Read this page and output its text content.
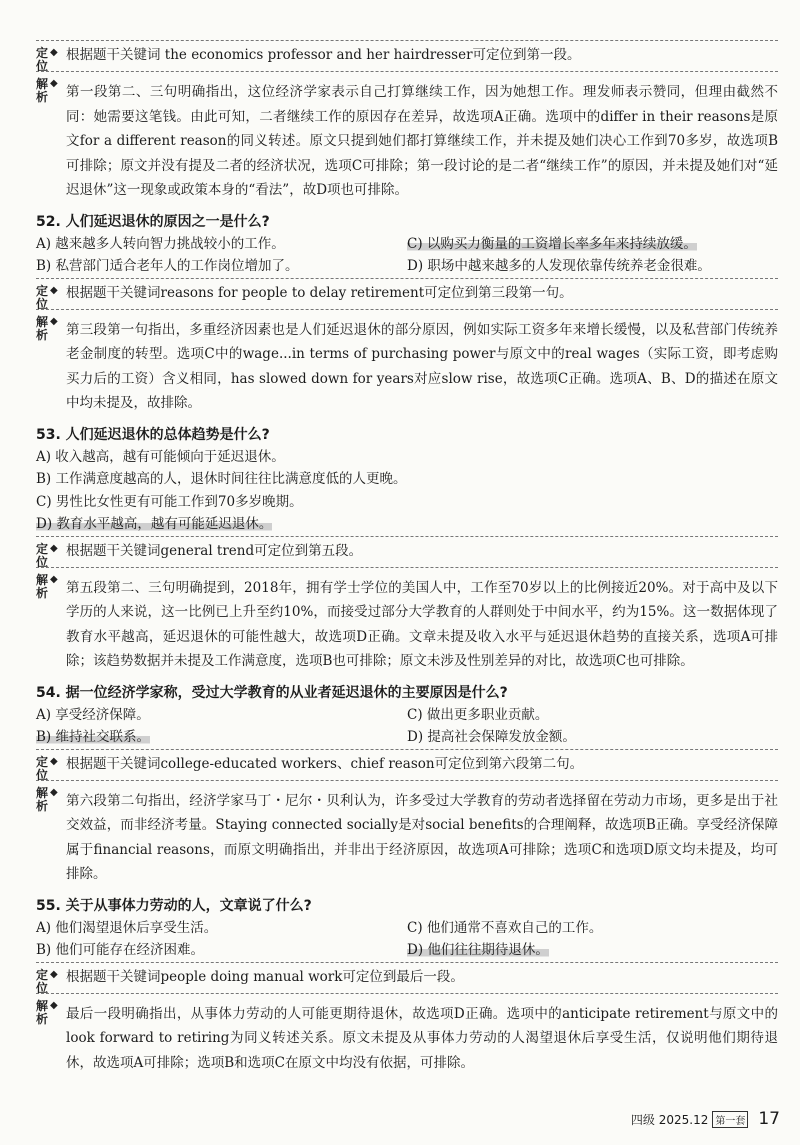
定位
◆ 根据题干关键词 the economics professor and her hairdresser可定位到第一段。
解析
◆
第一段第二、三句明确指出，这位经济学家表示自己打算继续工作，因为她想工作。理发师表示赞同，但理由截然不同：她需要这笔钱。由此可知，二者继续工作的原因存在差异，故选项A正确。选项中的differ in their reasons是原文for a different reason的同义转述。原文只提到她们都打算继续工作，并未提及她们决心工作到70多岁，故选项B可排除；原文并没有提及二者的经济状况，选项C可排除；第一段讨论的是二者“继续工作”的原因，并未提及她们对“延迟退休”这一现象或政策本身的“看法”，故D项也可排除。
52. 人们延迟退休的原因之一是什么?
A) 越来越多人转向智力挑战较小的工作。	C) 以购买力衡量的工资增长率多年来持续放缓。
B) 私营部门适合老年人的工作岗位增加了。	D) 职场中越来越多的人发现依靠传统养老金很难。
定位
◆ 根据题干关键词reasons for people to delay retirement可定位到第三段第一句。
解析
◆
第三段第一句指出，多重经济因素也是人们延迟退休的部分原因，例如实际工资多年来增长缓慢，以及私营部门传统养老金制度的转型。选项C中的wage...in terms of purchasing power与原文中的real wages（实际工资，即考虑购买力后的工资）含义相同，has slowed down for years对应slow rise，故选项C正确。选项A、B、D的描述在原文中均未提及，故排除。
53. 人们延迟退休的总体趋势是什么?
A) 收入越高，越有可能倾向于延迟退休。
B) 工作满意度越高的人，退休时间往往比满意度低的人更晚。
C) 男性比女性更有可能工作到70多岁晚期。
D) 教育水平越高，越有可能延迟退休。
定位
◆ 根据题干关键词general trend可定位到第五段。
解析
◆
第五段第二、三句明确提到，2018年，拥有学士学位的美国人中，工作至70岁以上的比例接近20%。对于高中及以下学历的人来说，这一比例已上升至约10%，而接受过部分大学教育的人群则处于中间水平，约为15%。这一数据体现了教育水平越高，延迟退休的可能性越大，故选项D正确。文章未提及收入水平与延迟退休趋势的直接关系，选项A可排除；该趋势数据并未提及工作满意度，选项B也可排除；原文未涉及性别差异的对比，故选项C也可排除。
54. 据一位经济学家称，受过大学教育的从业者延迟退休的主要原因是什么?
A) 享受经济保障。	C) 做出更多职业贡献。
B) 维持社交联系。	D) 提高社会保障发放金额。
定位
◆ 根据题干关键词college-educated workers、chief reason可定位到第六段第二句。
解析
◆
第六段第二句指出，经济学家马丁・尼尔・贝利认为，许多受过大学教育的劳动者选择留在劳动力市场，更多是出于社交效益，而非经济考量。Staying connected socially是对social benefits的合理阐释，故选项B正确。享受经济保障属于financial reasons，而原文明确指出，并非出于经济原因，故选项A可排除；选项C和选项D原文均未提及，均可排除。
55. 关于从事体力劳动的人，文章说了什么?
A) 他们渴望退休后享受生活。	C) 他们通常不喜欢自己的工作。
B) 他们可能存在经济困难。	D) 他们往往期待退休。
定位
◆ 根据题干关键词people doing manual work可定位到最后一段。
解析
◆
最后一段明确指出，从事体力劳动的人可能更期待退休，故选项D正确。选项中的anticipate retirement与原文中的look forward to retiring为同义转述关系。原文未提及从事体力劳动的人渴望退休后享受生活，仅说明他们期待退休，故选项A可排除；选项B和选项C在原文中均没有依据，可排除。
四级 2025.12 第一套 17
